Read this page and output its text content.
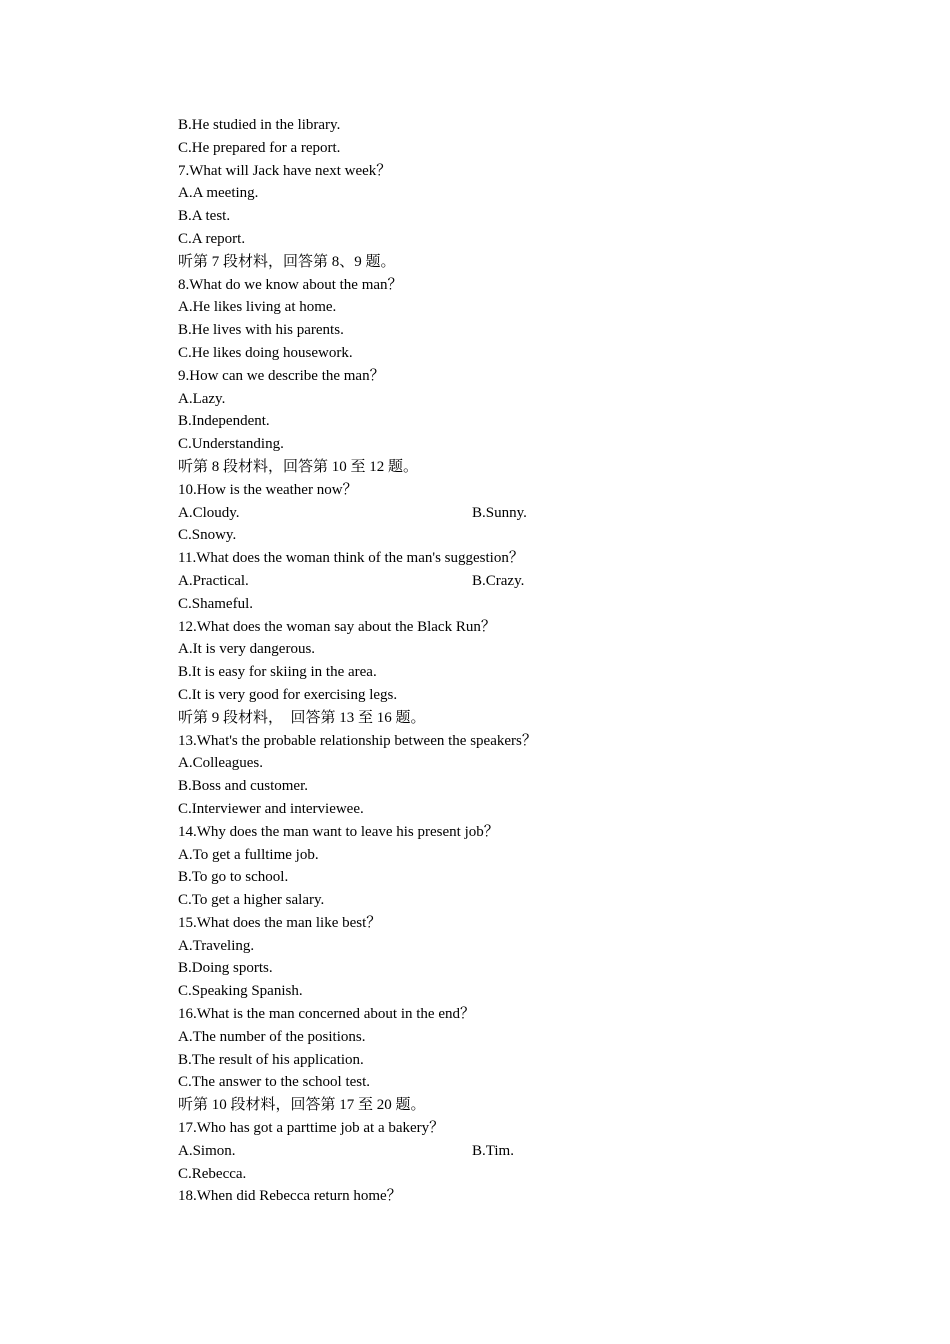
B.He studied in the library.
C.He prepared for a report.
7.What will Jack have next week？
A.A meeting.
B.A test.
C.A report.
听第 7 段材料，回答第 8、9 题。
8.What do we know about the man？
A.He likes living at home.
B.He lives with his parents.
C.He likes doing housework.
9.How can we describe the man？
A.Lazy.
B.Independent.
C.Understanding.
听第 8 段材料，回答第 10 至 12 题。
10.How is the weather now？
A.Cloudy.	B.Sunny.
C.Snowy.
11.What does the woman think of the man's suggestion？
A.Practical.	B.Crazy.
C.Shameful.
12.What does the woman say about the Black Run？
A.It is very dangerous.
B.It is easy for skiing in the area.
C.It is very good for exercising legs.
听第 9 段材料，　回答第 13 至 16 题。
13.What's the probable relationship between the speakers？
A.Colleagues.
B.Boss and customer.
C.Interviewer and interviewee.
14.Why does the man want to leave his present job？
A.To get a fulltime job.
B.To go to school.
C.To get a higher salary.
15.What does the man like best？
A.Traveling.
B.Doing sports.
C.Speaking Spanish.
16.What is the man concerned about in the end？
A.The number of the positions.
B.The result of his application.
C.The answer to the school test.
听第 10 段材料，回答第 17 至 20 题。
17.Who has got a parttime job at a bakery？
A.Simon.	B.Tim.
C.Rebecca.
18.When did Rebecca return home？
